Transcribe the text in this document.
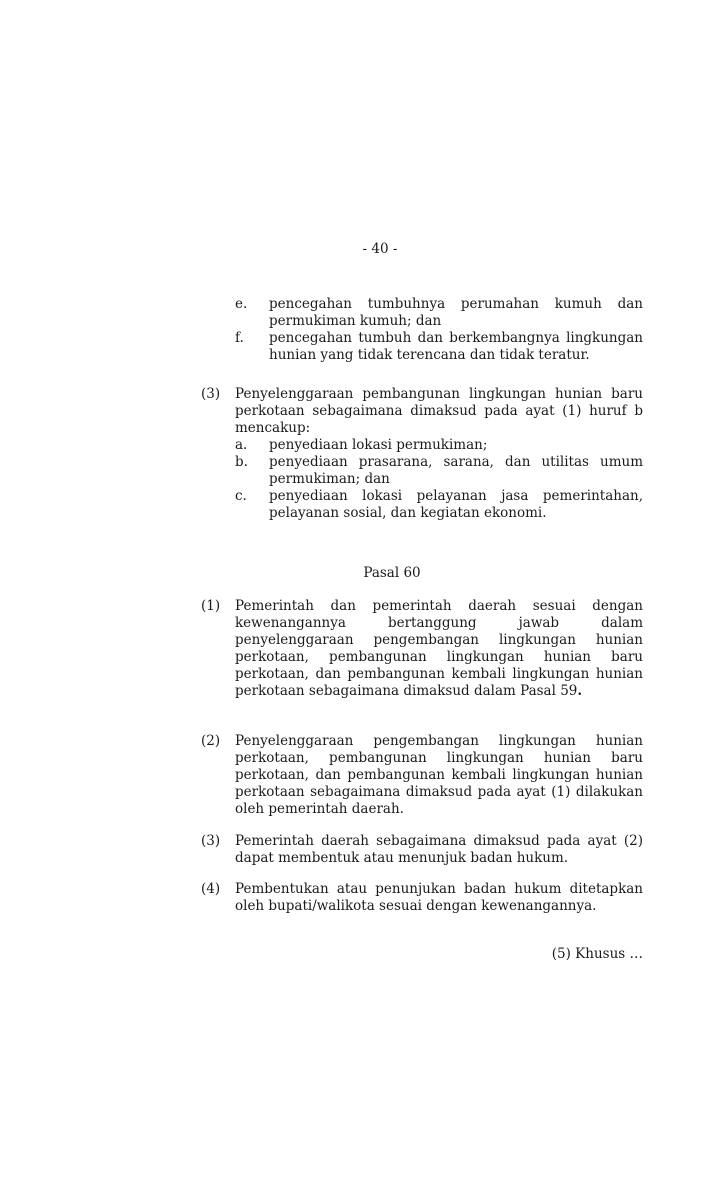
- 40 -
e. pencegahan tumbuhnya perumahan kumuh dan permukiman kumuh; dan
f. pencegahan tumbuh dan berkembangnya lingkungan hunian yang tidak terencana dan tidak teratur.
(3) Penyelenggaraan pembangunan lingkungan hunian baru perkotaan sebagaimana dimaksud pada ayat (1) huruf b mencakup:
a. penyediaan lokasi permukiman;
b. penyediaan prasarana, sarana, dan utilitas umum permukiman; dan
c. penyediaan lokasi pelayanan jasa pemerintahan, pelayanan sosial, dan kegiatan ekonomi.
Pasal 60
(1) Pemerintah dan pemerintah daerah sesuai dengan kewenangannya bertanggung jawab dalam penyelenggaraan pengembangan lingkungan hunian perkotaan, pembangunan lingkungan hunian baru perkotaan, dan pembangunan kembali lingkungan hunian perkotaan sebagaimana dimaksud dalam Pasal 59.
(2) Penyelenggaraan pengembangan lingkungan hunian perkotaan, pembangunan lingkungan hunian baru perkotaan, dan pembangunan kembali lingkungan hunian perkotaan sebagaimana dimaksud pada ayat (1) dilakukan oleh pemerintah daerah.
(3) Pemerintah daerah sebagaimana dimaksud pada ayat (2) dapat membentuk atau menunjuk badan hukum.
(4) Pembentukan atau penunjukan badan hukum ditetapkan oleh bupati/walikota sesuai dengan kewenangannya.
(5) Khusus …
